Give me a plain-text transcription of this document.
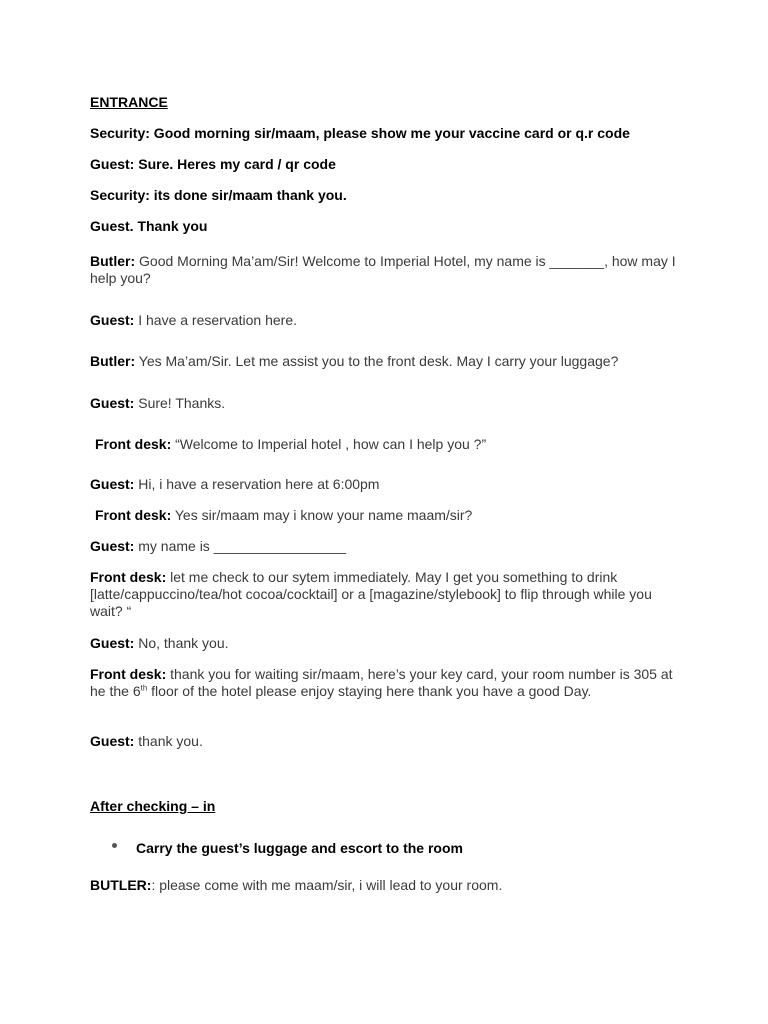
ENTRANCE
Security: Good morning sir/maam, please show me your vaccine card or q.r code
Guest: Sure. Heres my card / qr code
Security: its done sir/maam thank you.
Guest. Thank you
Butler: Good Morning Ma’am/Sir! Welcome to Imperial Hotel, my name is _______, how may I help you?
Guest: I have a reservation here.
Butler: Yes Ma’am/Sir. Let me assist you to the front desk. May I carry your luggage?
Guest: Sure! Thanks.
Front desk: “Welcome to Imperial hotel , how can I help you ?”
Guest: Hi, i have a reservation here at 6:00pm
Front desk: Yes sir/maam may i know your name maam/sir?
Guest: my name is _________________
Front desk: let me check to our sytem immediately. May I get you something to drink [latte/cappuccino/tea/hot cocoa/cocktail] or a [magazine/stylebook] to flip through while you wait? “
Guest: No, thank you.
Front desk: thank you for waiting sir/maam, here’s your key card, your room number is 305 at he the 6th floor of the hotel please enjoy staying here thank you have a good Day.
Guest: thank you.
After checking – in
Carry the guest’s luggage and escort to the room
BUTLER:: please come with me maam/sir, i will lead to your room.
